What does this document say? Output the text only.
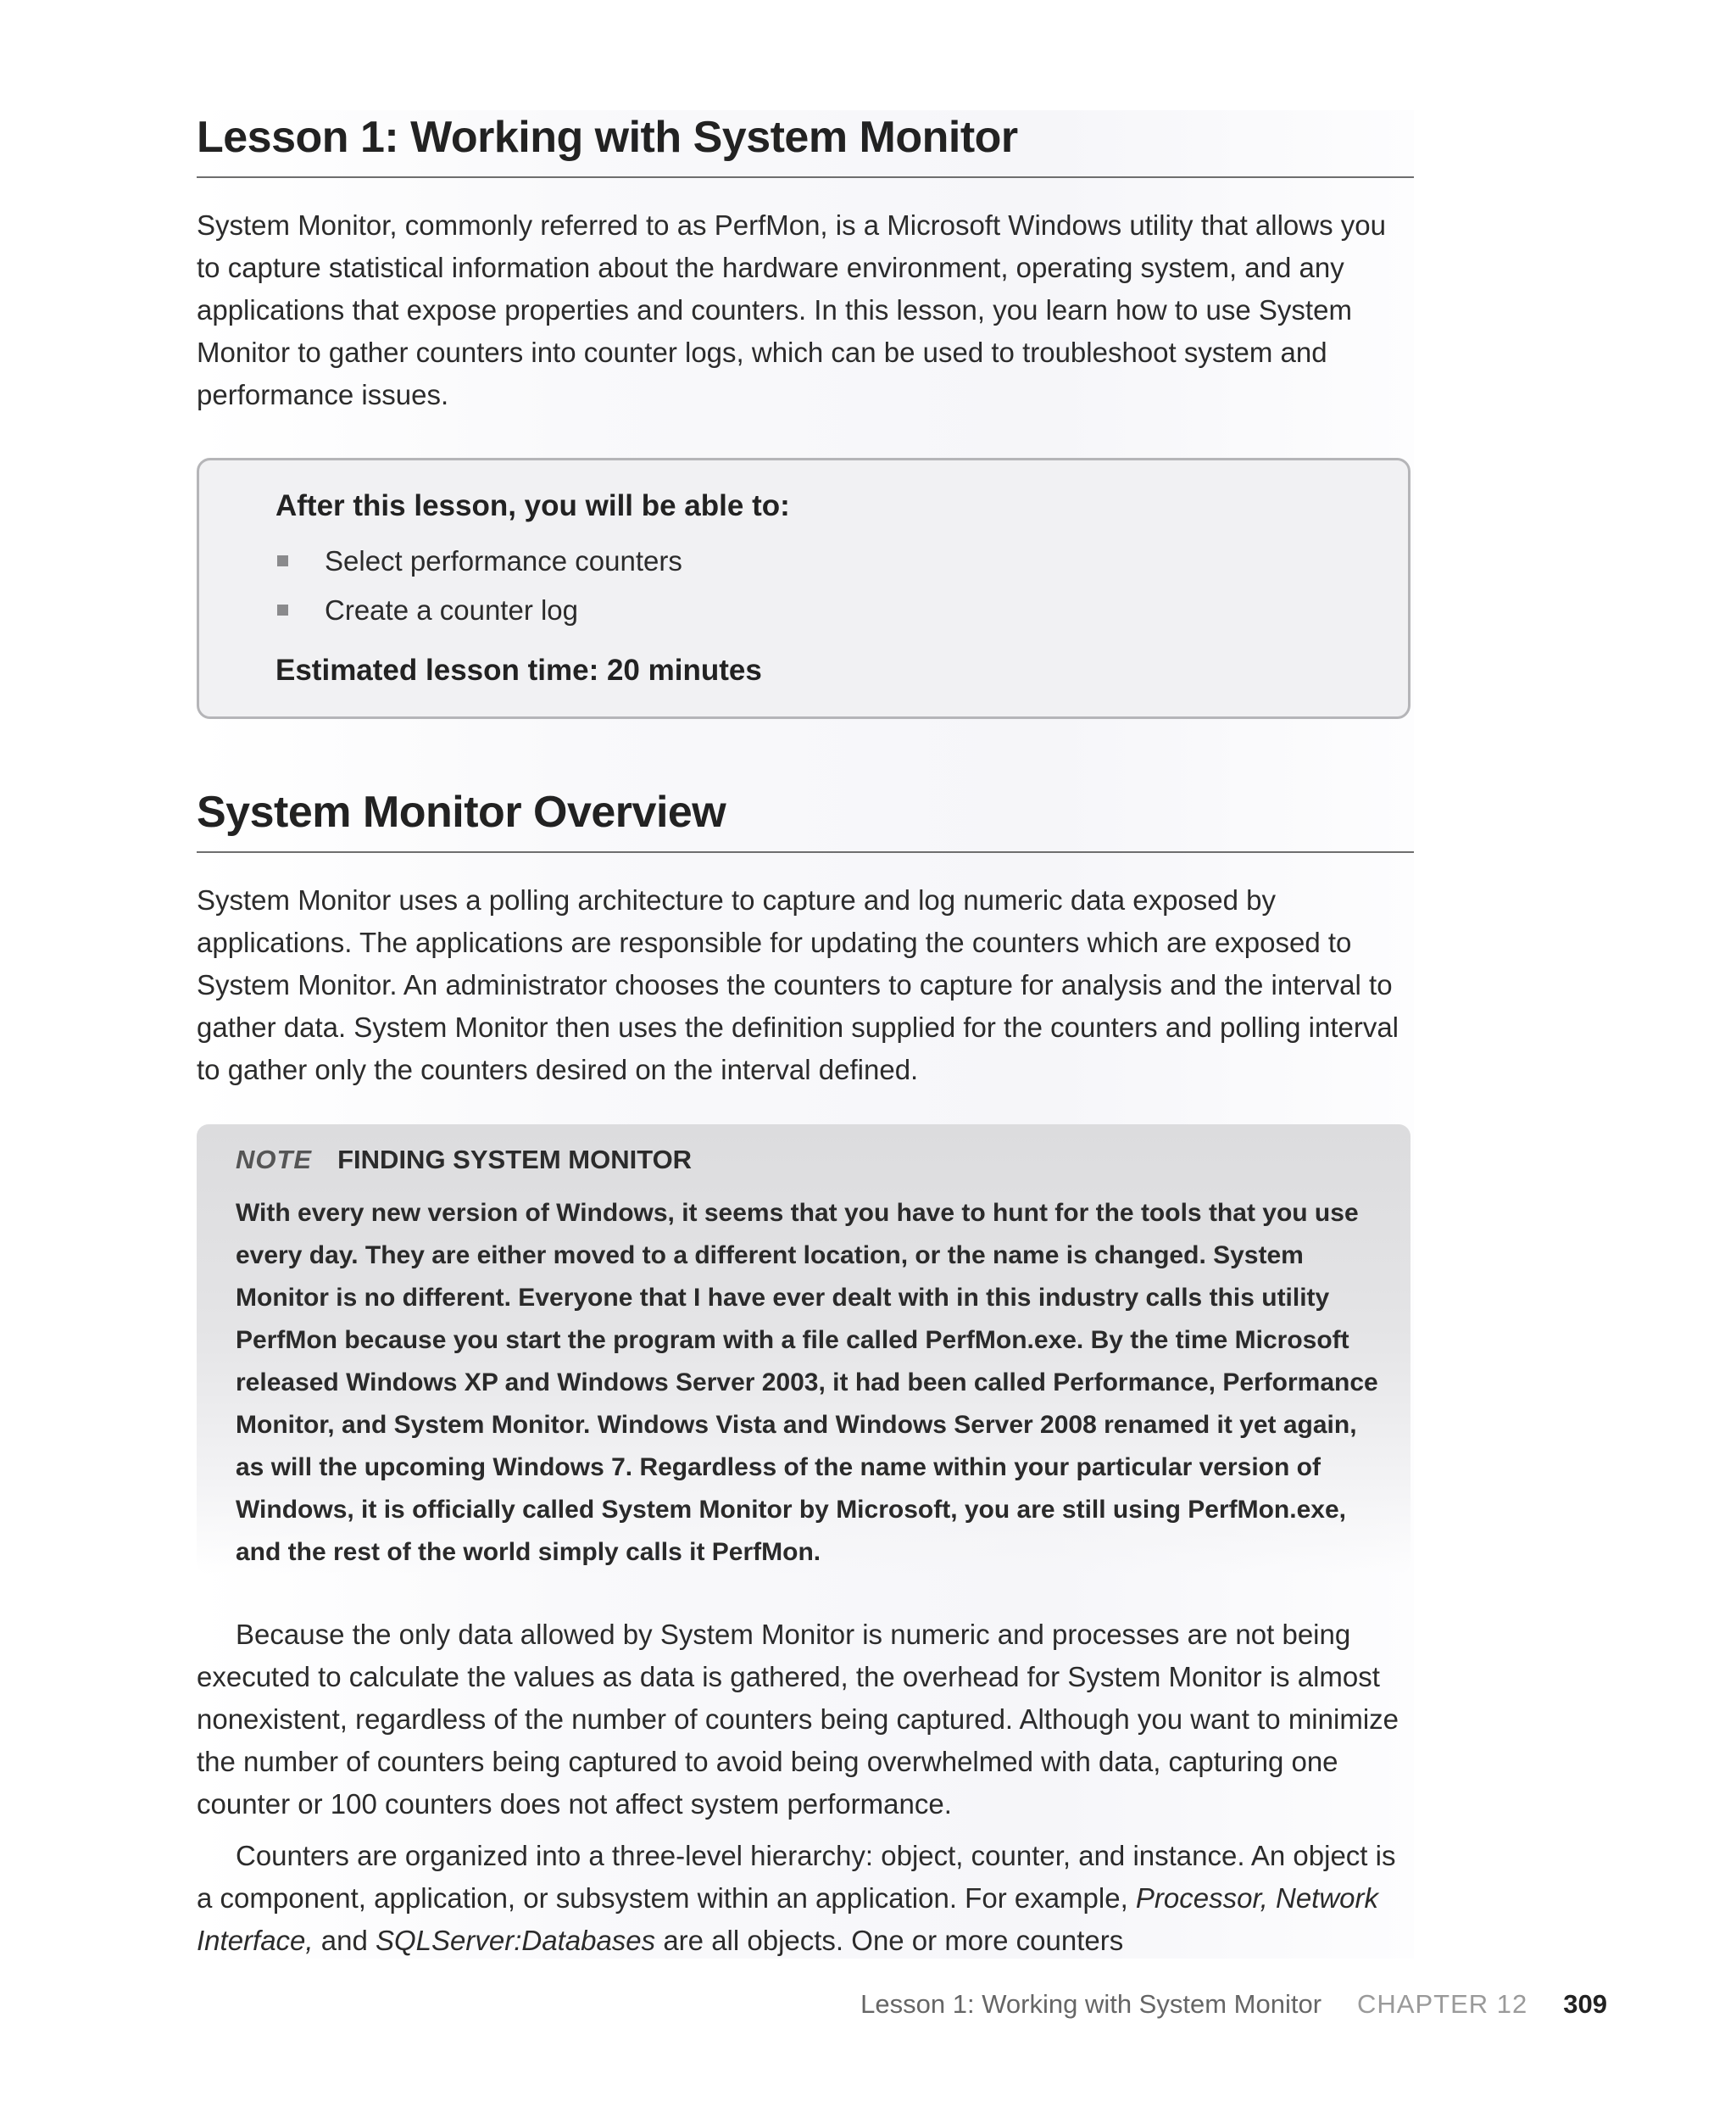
Lesson 1: Working with System Monitor

System Monitor, commonly referred to as PerfMon, is a Microsoft Windows utility that allows you to capture statistical information about the hardware environment, operating system, and any applications that expose properties and counters. In this lesson, you learn how to use System Monitor to gather counters into counter logs, which can be used to troubleshoot system and performance issues.

After this lesson, you will be able to:
Select performance counters
Create a counter log
Estimated lesson time: 20 minutes
System Monitor Overview

System Monitor uses a polling architecture to capture and log numeric data exposed by applications. The applications are responsible for updating the counters which are exposed to System Monitor. An administrator chooses the counters to capture for analysis and the interval to gather data. System Monitor then uses the definition supplied for the counters and polling interval to gather only the counters desired on the interval defined.

NOTE FINDING SYSTEM MONITOR

With every new version of Windows, it seems that you have to hunt for the tools that you use every day. They are either moved to a different location, or the name is changed. System Monitor is no different. Everyone that I have ever dealt with in this industry calls this utility PerfMon because you start the program with a file called PerfMon.exe. By the time Microsoft released Windows XP and Windows Server 2003, it had been called Performance, Performance Monitor, and System Monitor. Windows Vista and Windows Server 2008 renamed it yet again, as will the upcoming Windows 7. Regardless of the name within your particular version of Windows, it is officially called System Monitor by Microsoft, you are still using PerfMon.exe, and the rest of the world simply calls it PerfMon.

Because the only data allowed by System Monitor is numeric and processes are not being executed to calculate the values as data is gathered, the overhead for System Monitor is almost nonexistent, regardless of the number of counters being captured. Although you want to minimize the number of counters being captured to avoid being overwhelmed with data, capturing one counter or 100 counters does not affect system performance.

Counters are organized into a three-level hierarchy: object, counter, and instance. An object is a component, application, or subsystem within an application. For example, Processor, Network Interface, and SQLServer:Databases are all objects. One or more counters

Lesson 1: Working with System Monitor CHAPTER 12 309
